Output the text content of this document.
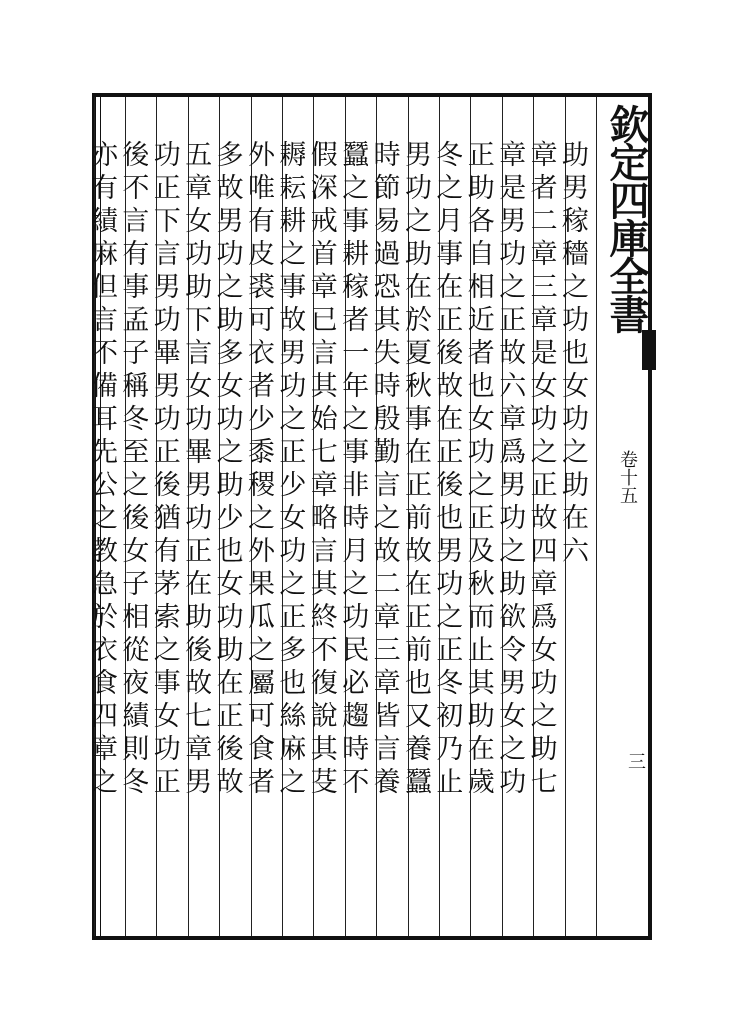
欽定四庫全書
卷十五
三
助男稼穡之功也女功之助在六
章者二章三章是女功之正故四章爲女功之助七
章是男功之正故六章爲男功之助欲令男女之功
正助各自相近者也女功之正及秋而止其助在歲
冬之月事在正後故在正後也男功之正冬初乃止
男功之助在於夏秋事在正前故在正前也又養蠶
時節易過恐其失時殷勤言之故二章三章皆言養
蠶之事耕稼者一年之事非時月之功民必趨時不
假深戒首章已言其始七章略言其終不復說其芟
耨耘耕之事故男功之正少女功之正多也絲麻之
外唯有皮裘可衣者少黍稷之外果瓜之屬可食者
多故男功之助多女功之助少也女功助在正後故
五章女功助下言女功畢男功正在助後故七章男
功正下言男功畢男功正後猶有茅索之事女功正
後不言有事孟子稱冬至之後女子相從夜績則冬
亦有績麻但言不備耳先公之教急於衣食四章之
